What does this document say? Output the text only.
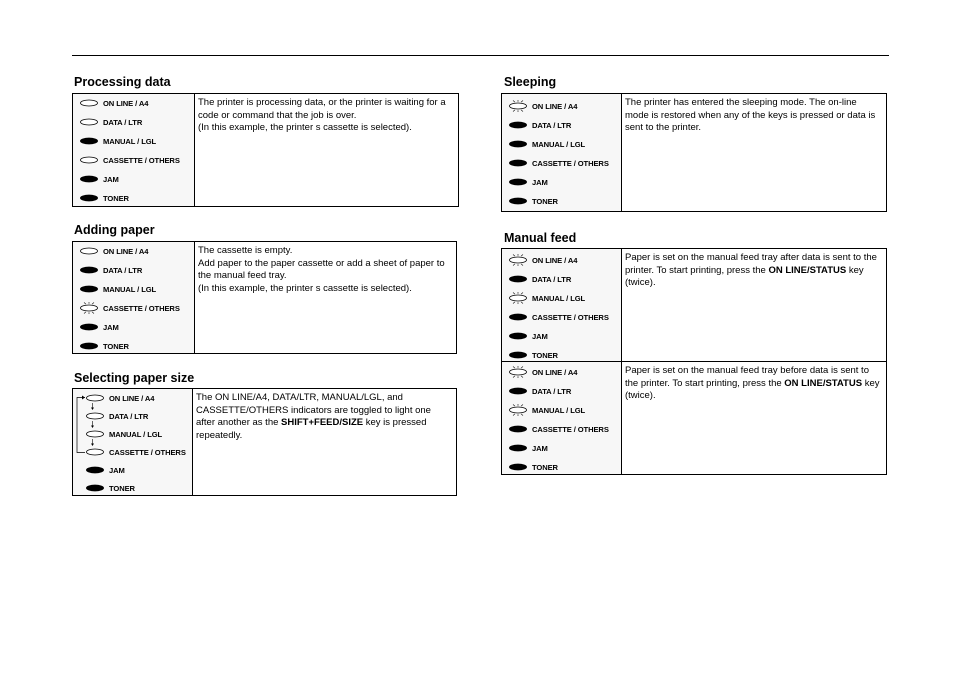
Processing data
ON LINE / A4
DATA / LTR
MANUAL / LGL
CASSETTE / OTHERS
JAM
TONER
The printer is processing data, or the printer is waiting for a code or command that the job is over.
(In this example, the printer s cassette is selected).
Adding paper
ON LINE / A4
DATA / LTR
MANUAL / LGL
CASSETTE / OTHERS
JAM
TONER
The cassette is empty.
Add paper to the paper cassette or add a sheet of paper to the manual feed tray.
(In this example, the printer s cassette is selected).
Selecting paper size
ON LINE / A4
DATA / LTR
MANUAL / LGL
CASSETTE / OTHERS
JAM
TONER
The ON LINE/A4, DATA/LTR, MANUAL/LGL, and CASSETTE/OTHERS indicators are toggled to light one after another as the SHIFT+FEED/SIZE key is pressed repeatedly.
Sleeping
ON LINE / A4
DATA / LTR
MANUAL / LGL
CASSETTE / OTHERS
JAM
TONER
The printer has entered the sleeping mode. The on-line mode is restored when any of the keys is pressed or data is sent to the printer.
Manual feed
ON LINE / A4
DATA / LTR
MANUAL / LGL
CASSETTE / OTHERS
JAM
TONER
ON LINE / A4
DATA / LTR
MANUAL / LGL
CASSETTE / OTHERS
JAM
TONER
Paper is set on the manual feed tray after data is sent to the printer. To start printing, press the ON LINE/STATUS key (twice).
Paper is set on the manual feed tray before data is sent to the printer. To start printing, press the ON LINE/STATUS key (twice).
